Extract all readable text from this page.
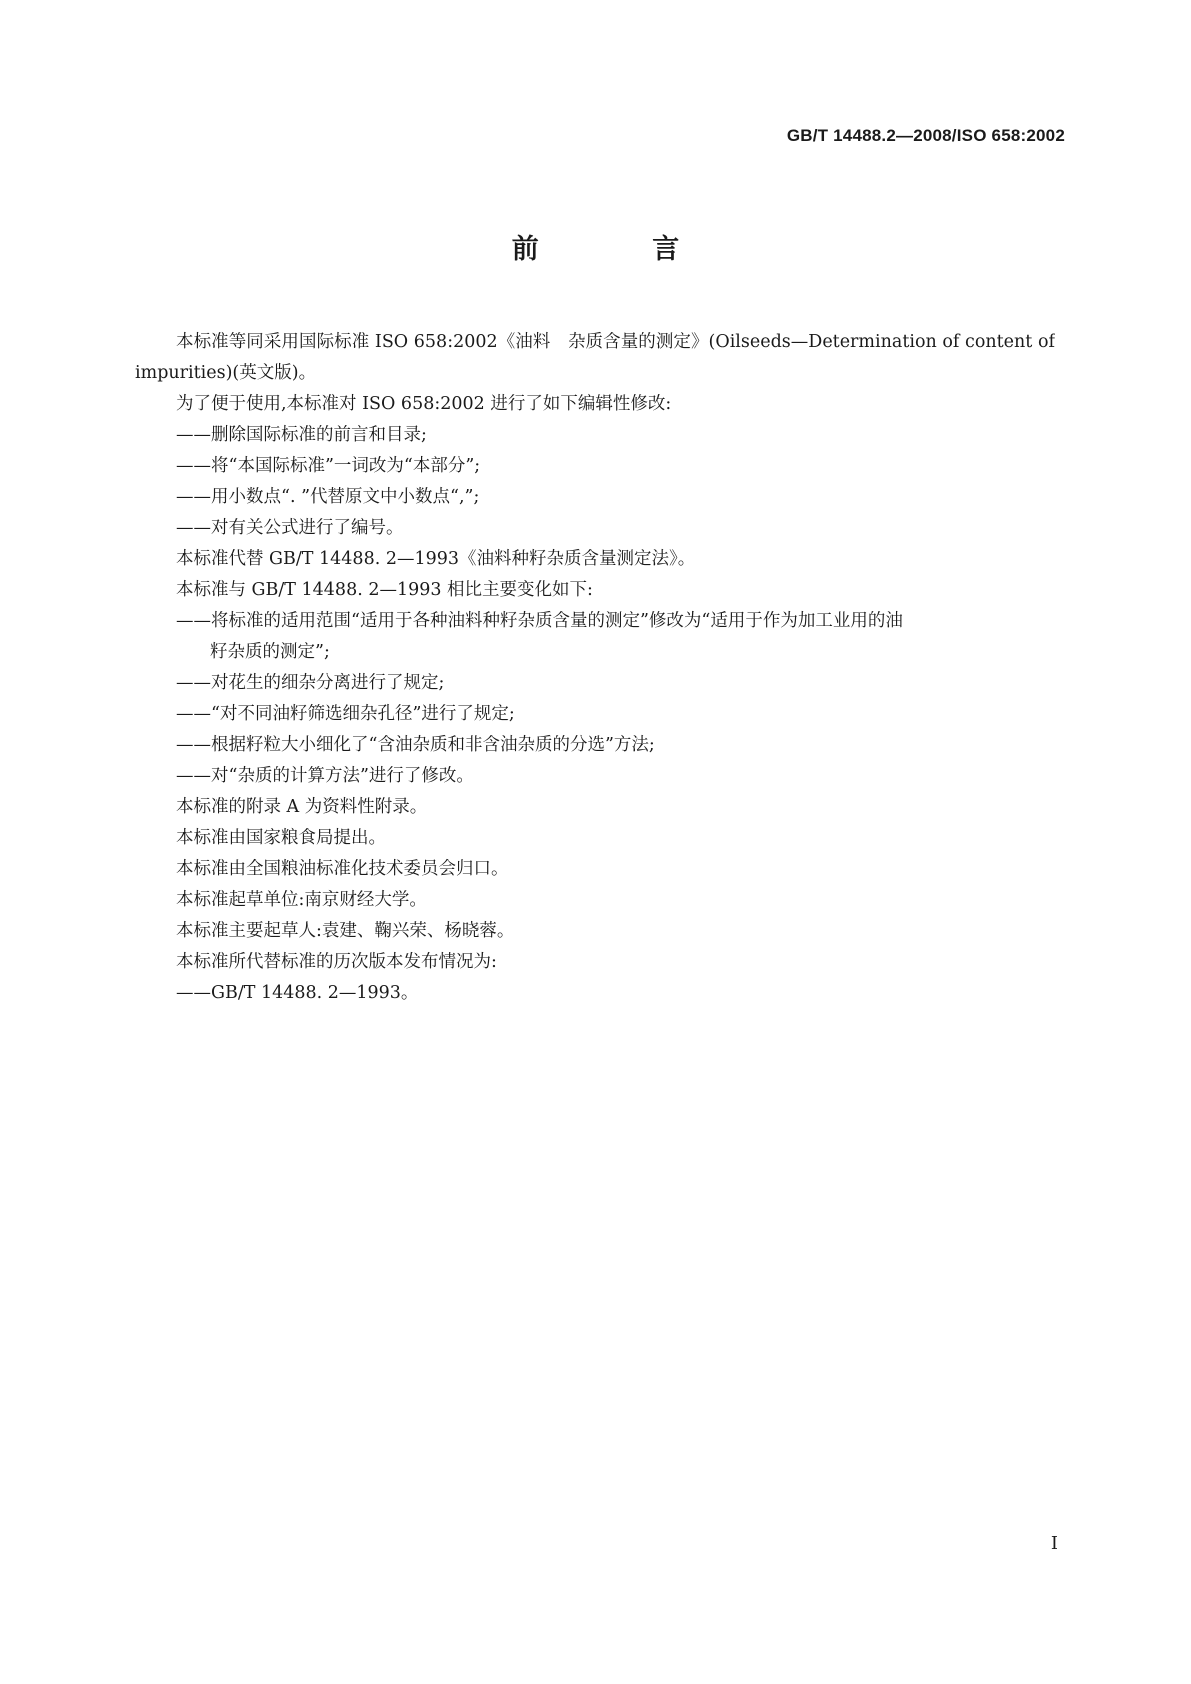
GB/T 14488.2—2008/ISO 658:2002
前 言

本标准等同采用国际标准 ISO 658:2002《油料　杂质含量的测定》(Oilseeds—Determination of content of impurities)(英文版)。

为了便于使用,本标准对 ISO 658:2002 进行了如下编辑性修改:

——删除国际标准的前言和目录;

——将“本国际标准”一词改为“本部分”;

——用小数点“. ”代替原文中小数点“,”;

——对有关公式进行了编号。

本标准代替 GB/T 14488. 2—1993《油料种籽杂质含量测定法》。

本标准与 GB/T 14488. 2—1993 相比主要变化如下:

——将标准的适用范围“适用于各种油料种籽杂质含量的测定”修改为“适用于作为加工业用的油
籽杂质的测定”;

——对花生的细杂分离进行了规定;

——“对不同油籽筛选细杂孔径”进行了规定;

——根据籽粒大小细化了“含油杂质和非含油杂质的分选”方法;

——对“杂质的计算方法”进行了修改。

本标准的附录 A 为资料性附录。

本标准由国家粮食局提出。

本标准由全国粮油标准化技术委员会归口。

本标准起草单位:南京财经大学。

本标准主要起草人:袁建、鞠兴荣、杨晓蓉。

本标准所代替标准的历次版本发布情况为:

——GB/T 14488. 2—1993。

I
